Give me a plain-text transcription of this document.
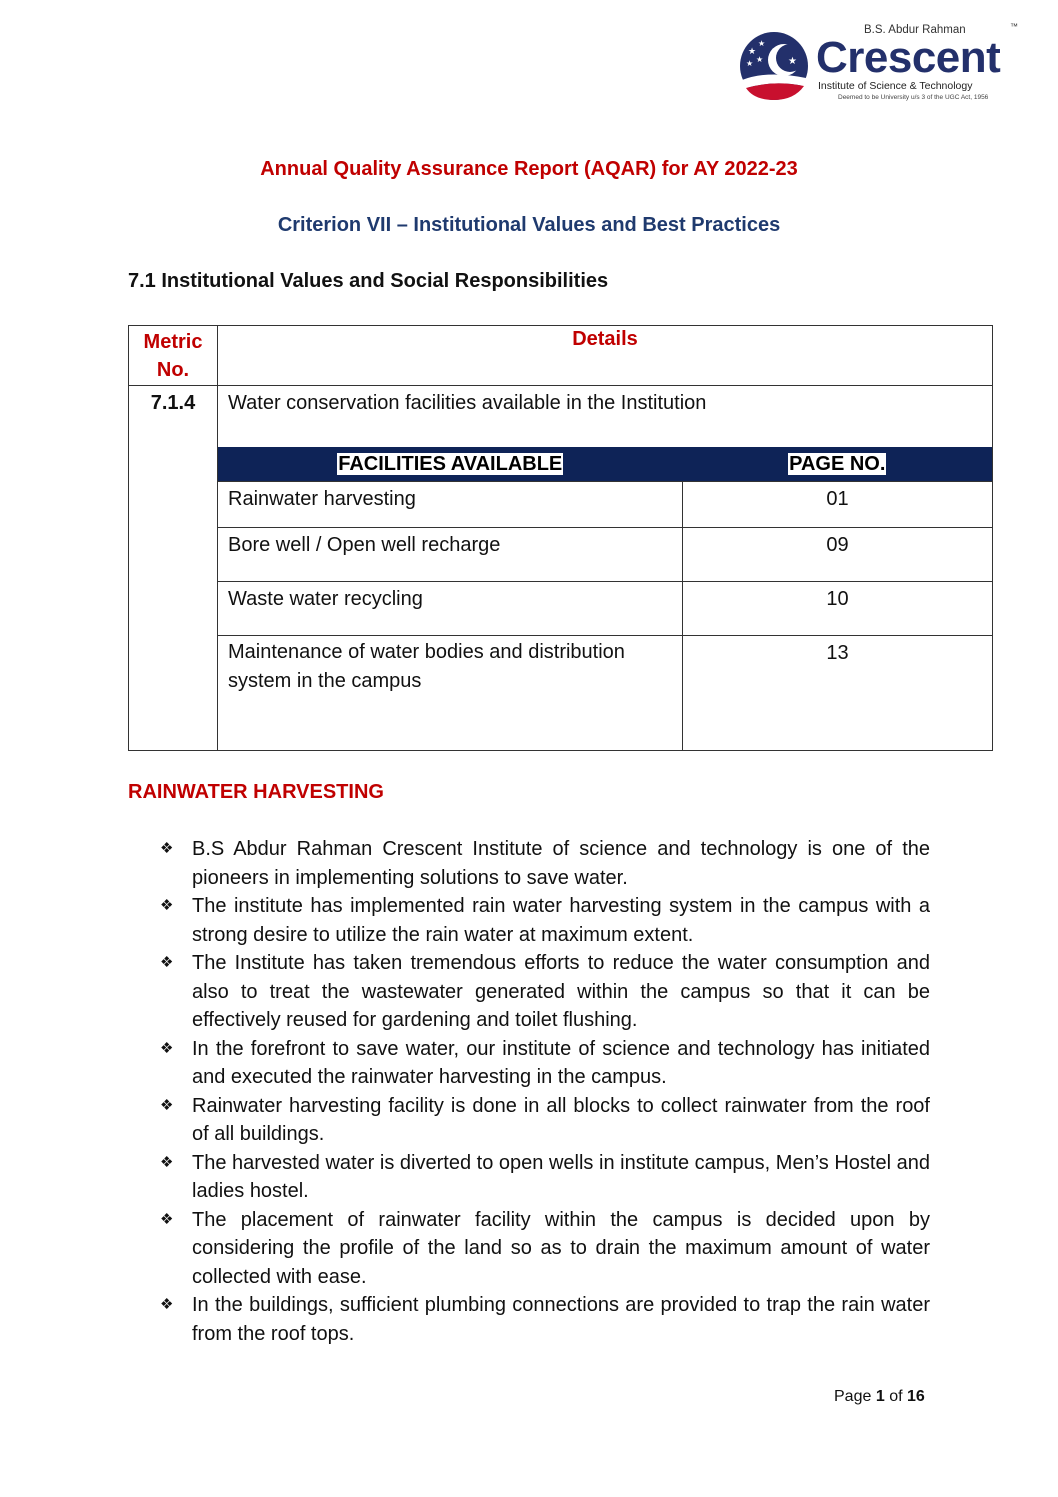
★
★
★ ★ ★
B.S. Abdur Rahman	™
Crescent
Institute of Science & Technology
Deemed to be University u/s 3 of the UGC Act, 1956
Annual Quality Assurance Report (AQAR) for AY 2022-23
Criterion VII – Institutional Values and Best Practices
7.1 Institutional Values and Social Responsibilities
Metric No.	Details
7.1.4	Water conservation facilities available in the Institution
FACILITIES AVAILABLE	PAGE NO.
Rainwater harvesting	01
Bore well / Open well recharge	09
Waste water recycling	10
Maintenance of water bodies and distribution system in the campus	13
RAINWATER HARVESTING
❖ B.S Abdur Rahman Crescent Institute of science and technology is one of the pioneers in implementing solutions to save water.
❖ The institute has implemented rain water harvesting system in the campus with a strong desire to utilize the rain water at maximum extent.
❖ The Institute has taken tremendous efforts to reduce the water consumption and also to treat the wastewater generated within the campus so that it can be effectively reused for gardening and toilet flushing.
❖ In the forefront to save water, our institute of science and technology has initiated and executed the rainwater harvesting in the campus.
❖ Rainwater harvesting facility is done in all blocks to collect rainwater from the roof of all buildings.
❖ The harvested water is diverted to open wells in institute campus, Men’s Hostel and ladies hostel.
❖ The placement of rainwater facility within the campus is decided upon by considering the profile of the land so as to drain the maximum amount of water collected with ease.
❖ In the buildings, sufficient plumbing connections are provided to trap the rain water from the roof tops.
Page 1 of 16
